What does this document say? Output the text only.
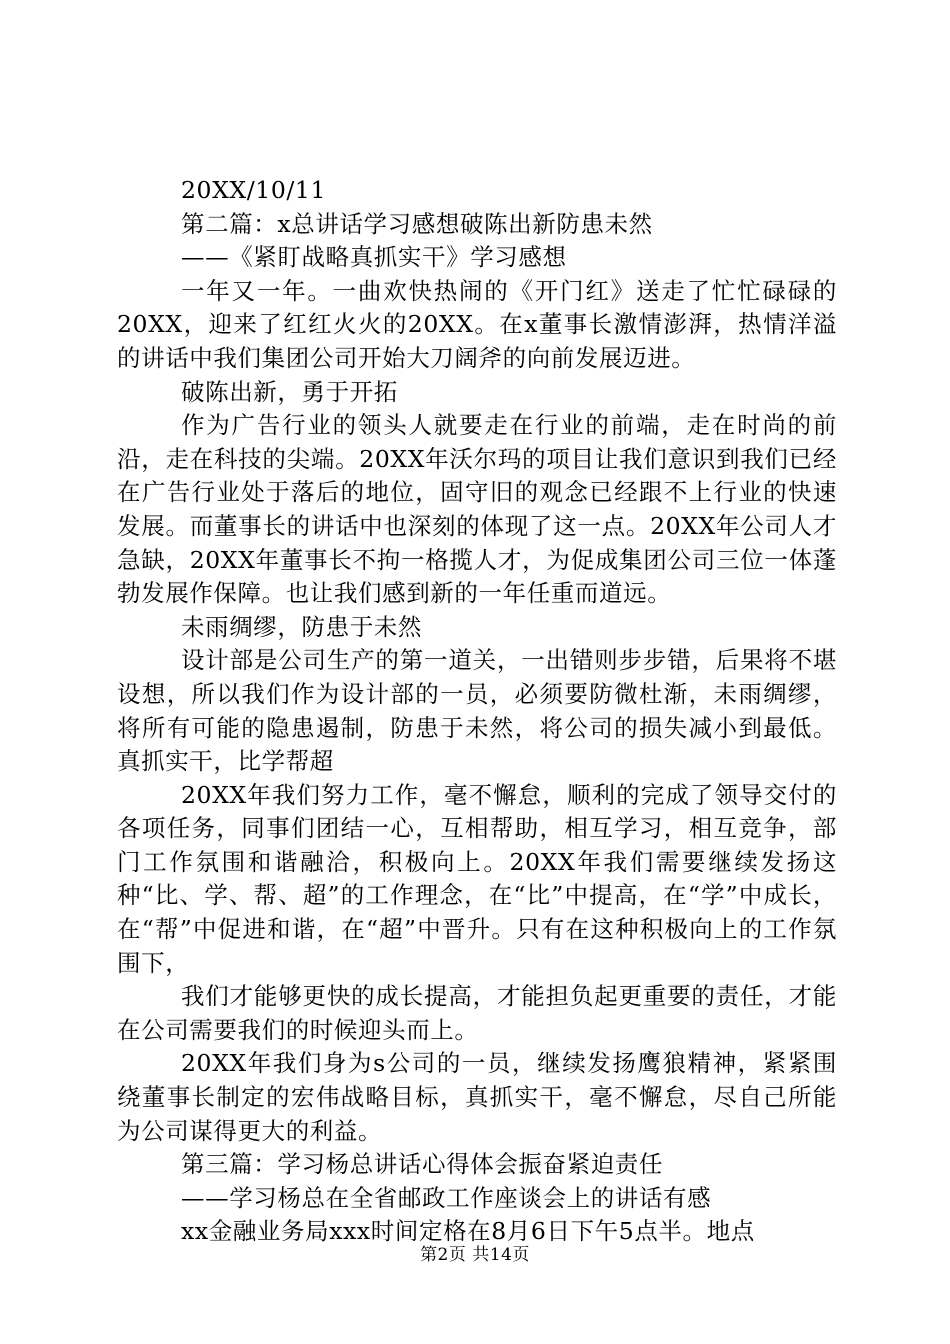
20XX/10/11

第二篇：x总讲话学习感想破陈出新防患未然

——《紧盯战略真抓实干》学习感想

一年又一年。一曲欢快热闹的《开门红》送走了忙忙碌碌的20XX，迎来了红红火火的20XX。在x董事长激情澎湃，热情洋溢的讲话中我们集团公司开始大刀阔斧的向前发展迈进。

破陈出新，勇于开拓

作为广告行业的领头人就要走在行业的前端，走在时尚的前沿，走在科技的尖端。20XX年沃尔玛的项目让我们意识到我们已经在广告行业处于落后的地位，固守旧的观念已经跟不上行业的快速发展。而董事长的讲话中也深刻的体现了这一点。20XX年公司人才急缺，20XX年董事长不拘一格揽人才，为促成集团公司三位一体蓬勃发展作保障。也让我们感到新的一年任重而道远。

未雨绸缪，防患于未然

设计部是公司生产的第一道关，一出错则步步错，后果将不堪设想，所以我们作为设计部的一员，必须要防微杜渐，未雨绸缪，将所有可能的隐患遏制，防患于未然，将公司的损失减小到最低。真抓实干，比学帮超

20XX年我们努力工作，毫不懈怠，顺利的完成了领导交付的各项任务，同事们团结一心，互相帮助，相互学习，相互竞争，部门工作氛围和谐融洽，积极向上。20XX年我们需要继续发扬这种“比、学、帮、超”的工作理念，在“比”中提高，在“学”中成长，在“帮”中促进和谐，在“超”中晋升。只有在这种积极向上的工作氛围下，

我们才能够更快的成长提高，才能担负起更重要的责任，才能在公司需要我们的时候迎头而上。

20XX年我们身为s公司的一员，继续发扬鹰狼精神，紧紧围绕董事长制定的宏伟战略目标，真抓实干，毫不懈怠，尽自己所能为公司谋得更大的利益。

第三篇：学习杨总讲话心得体会振奋紧迫责任

——学习杨总在全省邮政工作座谈会上的讲话有感

xx金融业务局xxx时间定格在8月6日下午5点半。地点

第2页 共14页
